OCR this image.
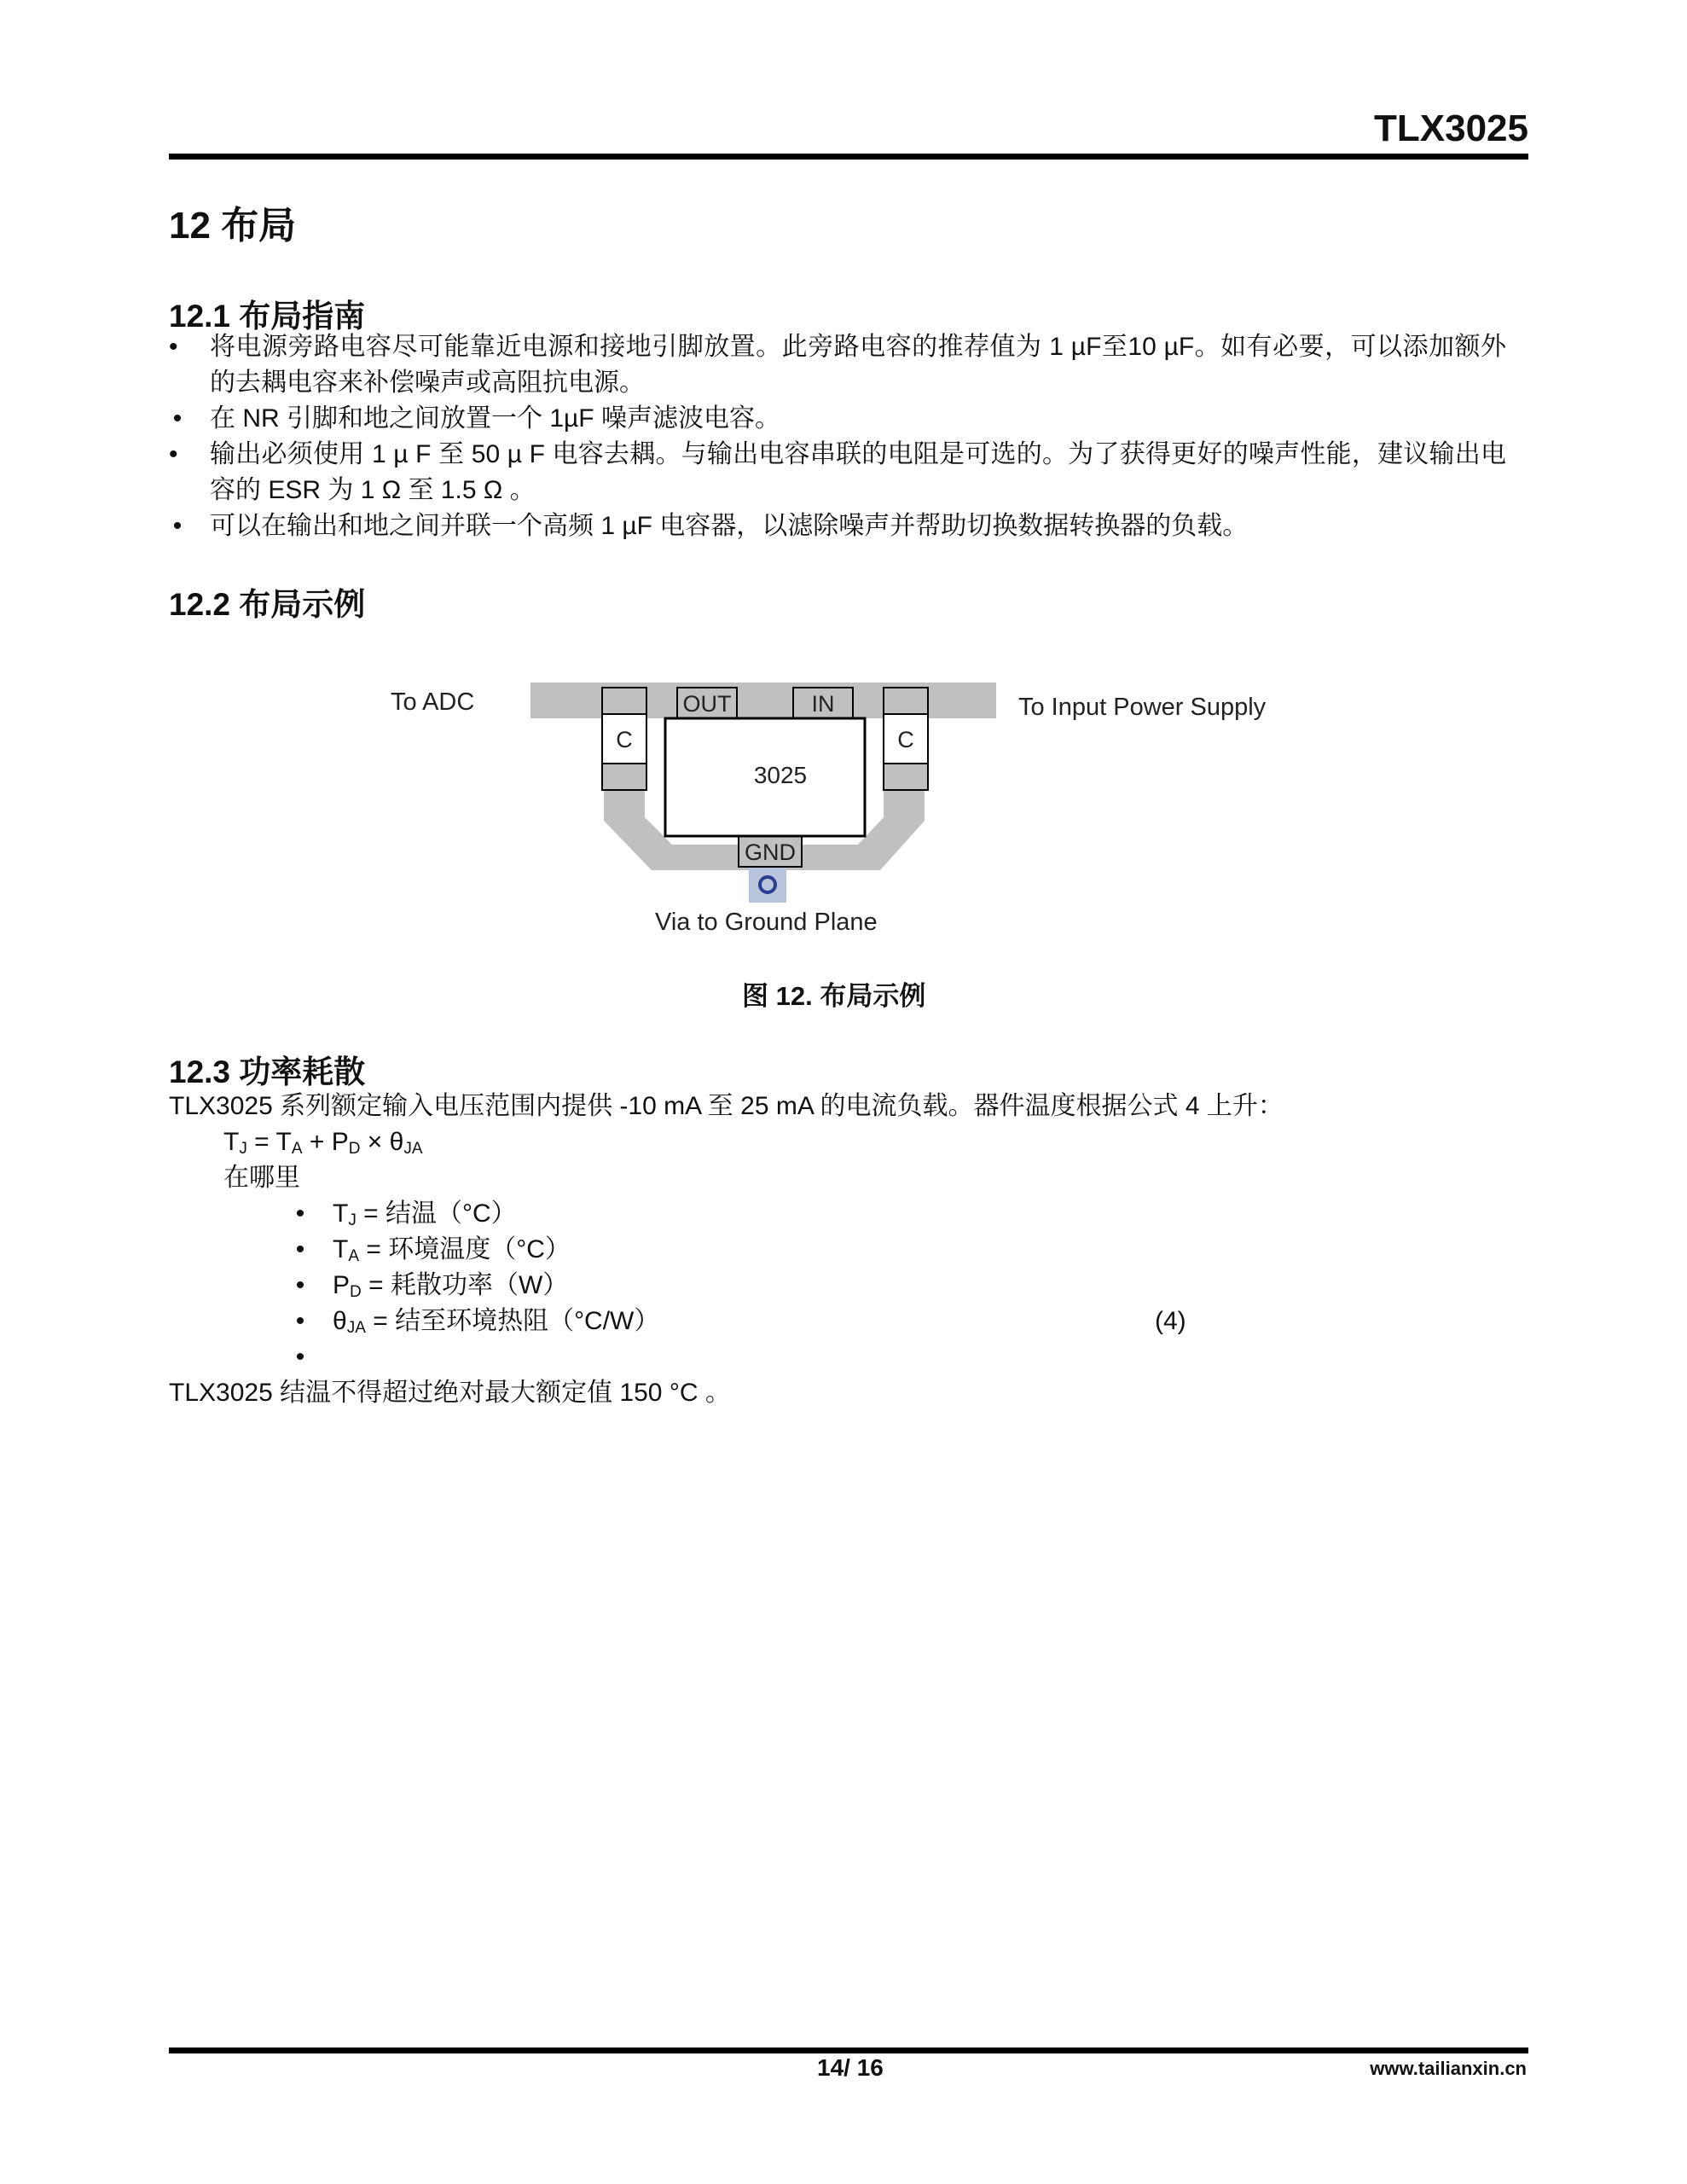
TLX3025
12 布局
12.1 布局指南
•	将电源旁路电容尽可能靠近电源和接地引脚放置。此旁路电容的推荐值为 1 µF至10 µF。如有必要，可以添加额外的去耦电容来补偿噪声或高阻抗电源。
• 在 NR 引脚和地之间放置一个 1µF 噪声滤波电容。
•	输出必须使用 1 µ F 至 50 µ F 电容去耦。与输出电容串联的电阻是可选的。为了获得更好的噪声性能，建议输出电容的 ESR 为 1 Ω 至 1.5 Ω 。
• 可以在输出和地之间并联一个高频 1 µF 电容器，以滤除噪声并帮助切换数据转换器的负载。
12.2 布局示例
C	C
OUT	IN
GND
3025
To ADC	To Input Power Supply
Via to Ground Plane
图 12. 布局示例
12.3 功率耗散
TLX3025 系列额定输入电压范围内提供 -10 mA 至 25 mA 的电流负载。器件温度根据公式 4 上升：
$T_J = T_A + P_D \times \theta_{JA}$
在哪里
• $T_J$ = 结温（°C）
• $T_A$ = 环境温度（°C）
• $P_D$ = 耗散功率（W）
• $\theta_{JA}$ = 结至环境热阻（°C/W）
•
(4)
TLX3025 结温不得超过绝对最大额定值 150 °C 。
14/ 16	www.tailianxin.cn
